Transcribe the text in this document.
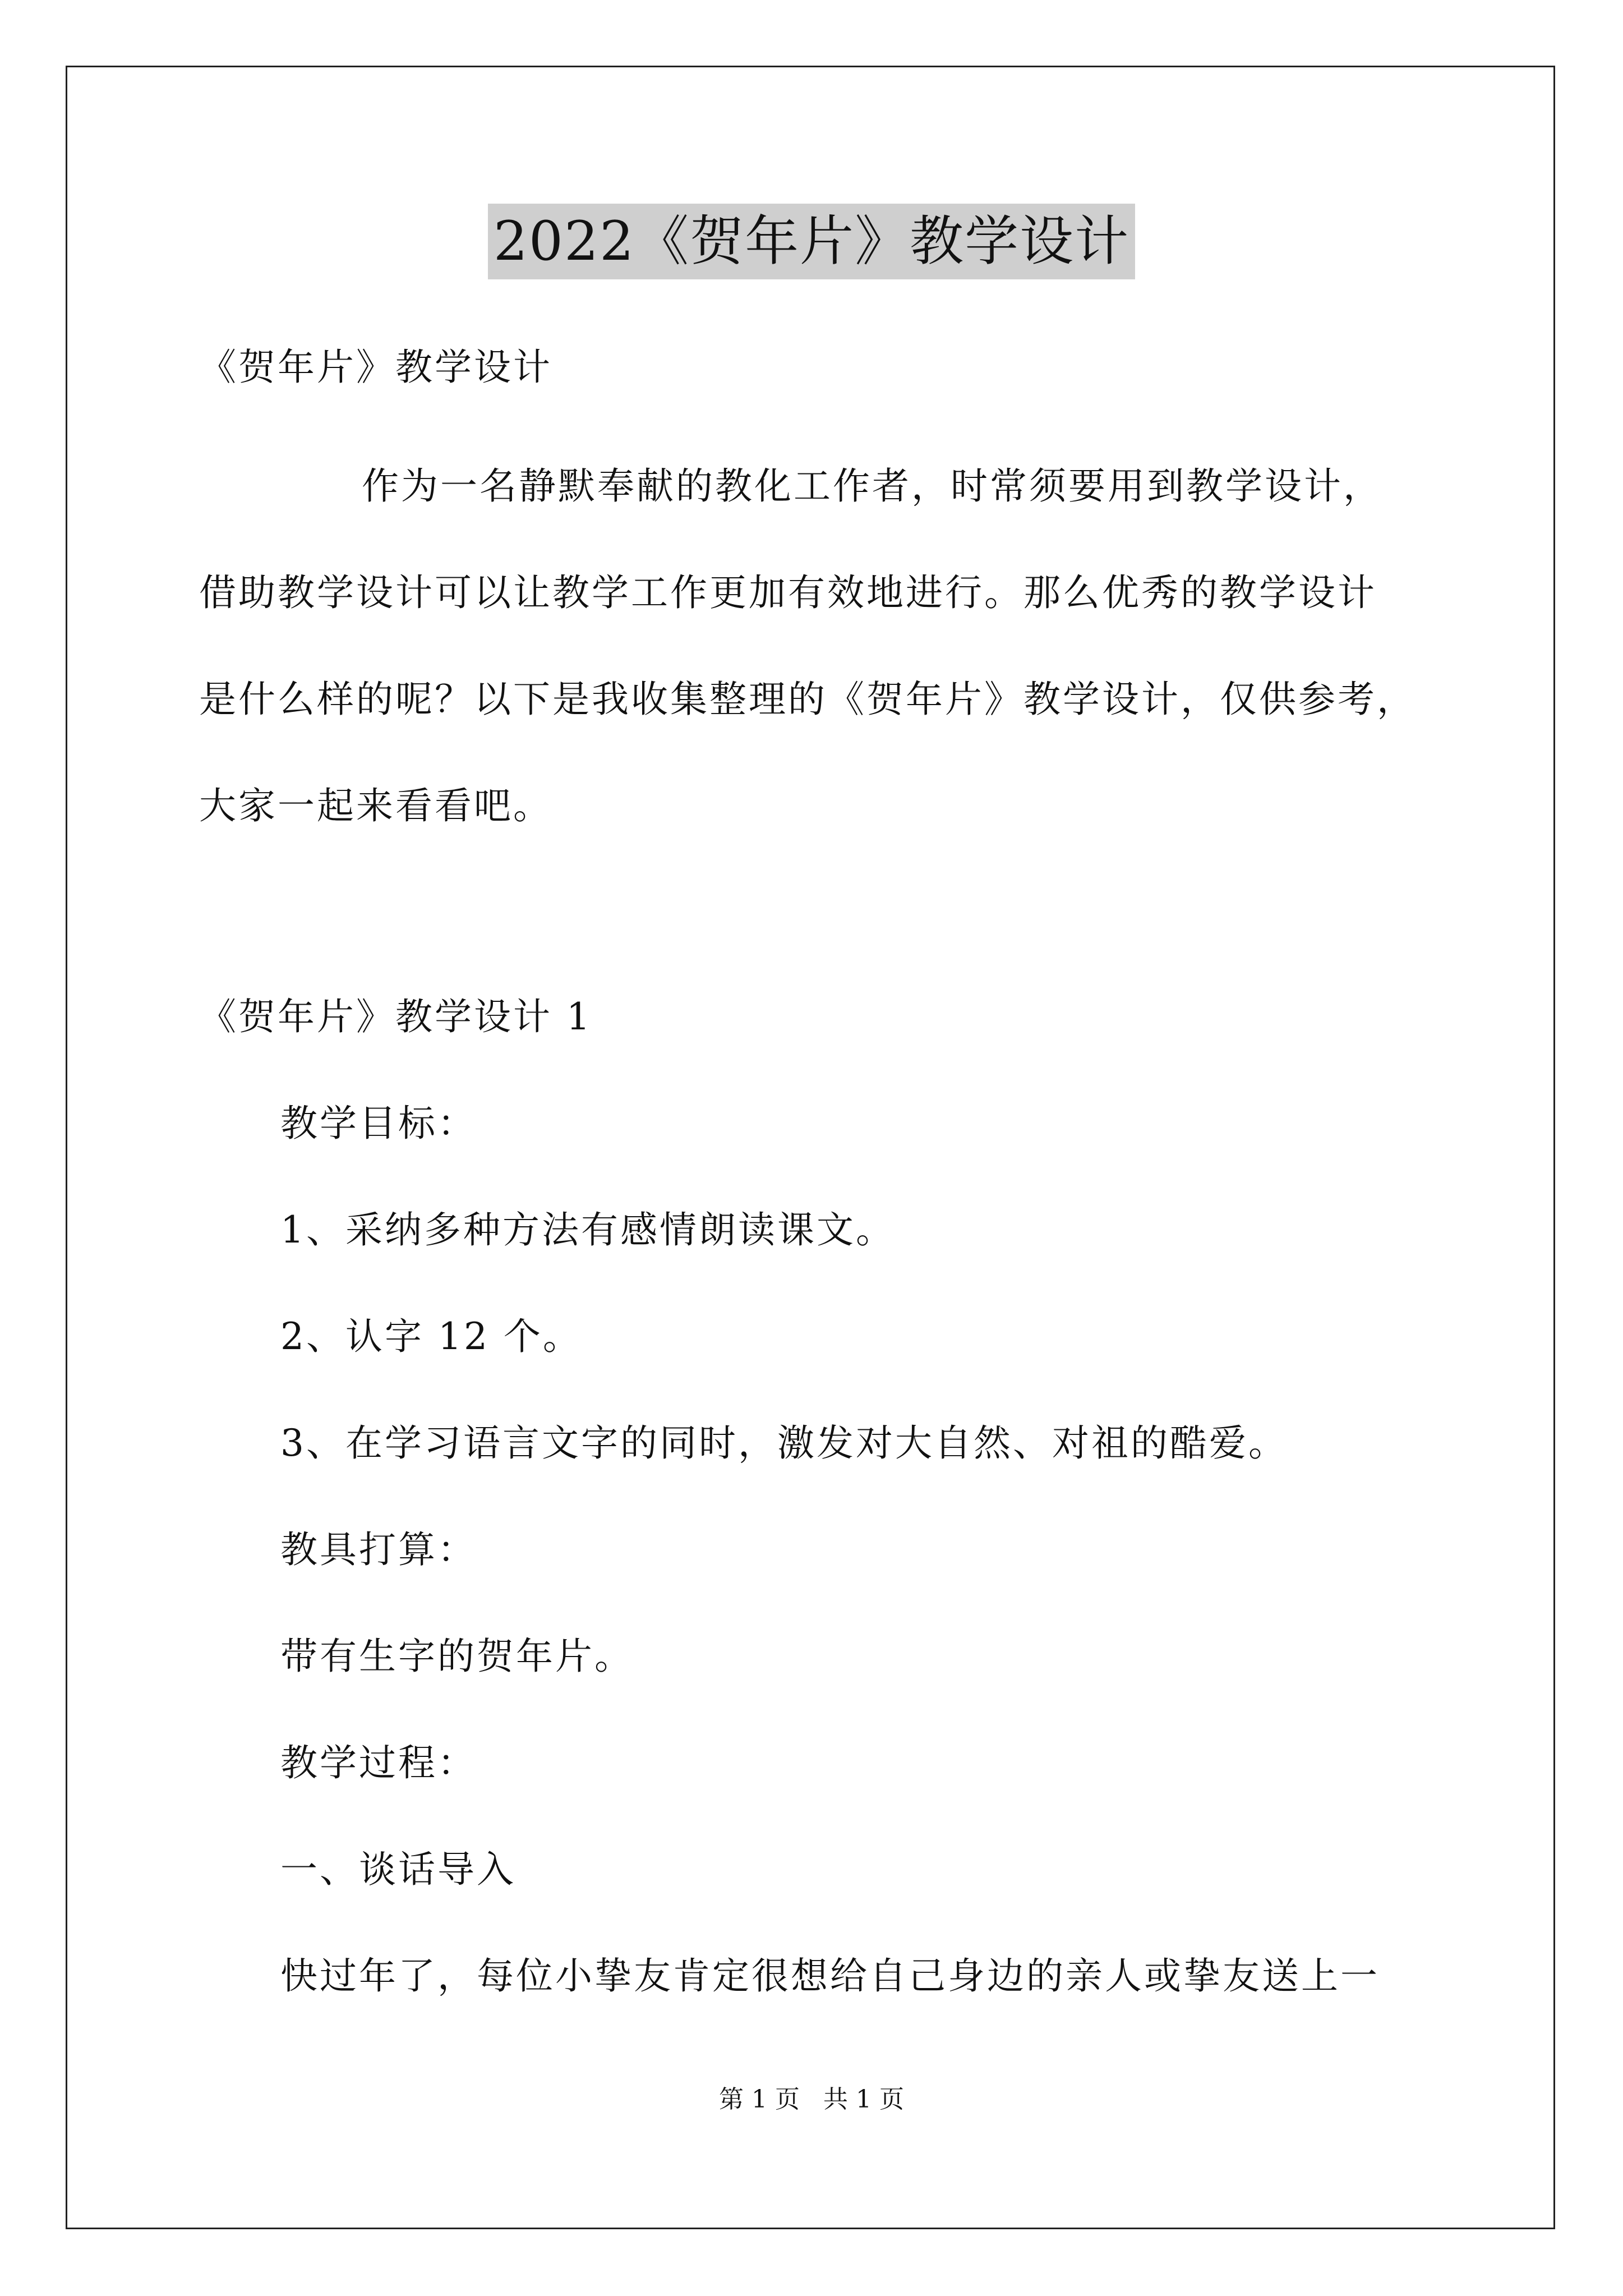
2022《贺年片》教学设计
《贺年片》教学设计
作为一名静默奉献的教化工作者，时常须要用到教学设计，
借助教学设计可以让教学工作更加有效地进行。那么优秀的教学设计
是什么样的呢？以下是我收集整理的《贺年片》教学设计，仅供参考，
大家一起来看看吧。
《贺年片》教学设计 1
教学目标：
1、采纳多种方法有感情朗读课文。
2、认字 12 个。
3、在学习语言文字的同时，激发对大自然、对祖的酷爱。
教具打算：
带有生字的贺年片。
教学过程：
一、谈话导入
快过年了，每位小挚友肯定很想给自己身边的亲人或挚友送上一
第 1 页 共 1 页
